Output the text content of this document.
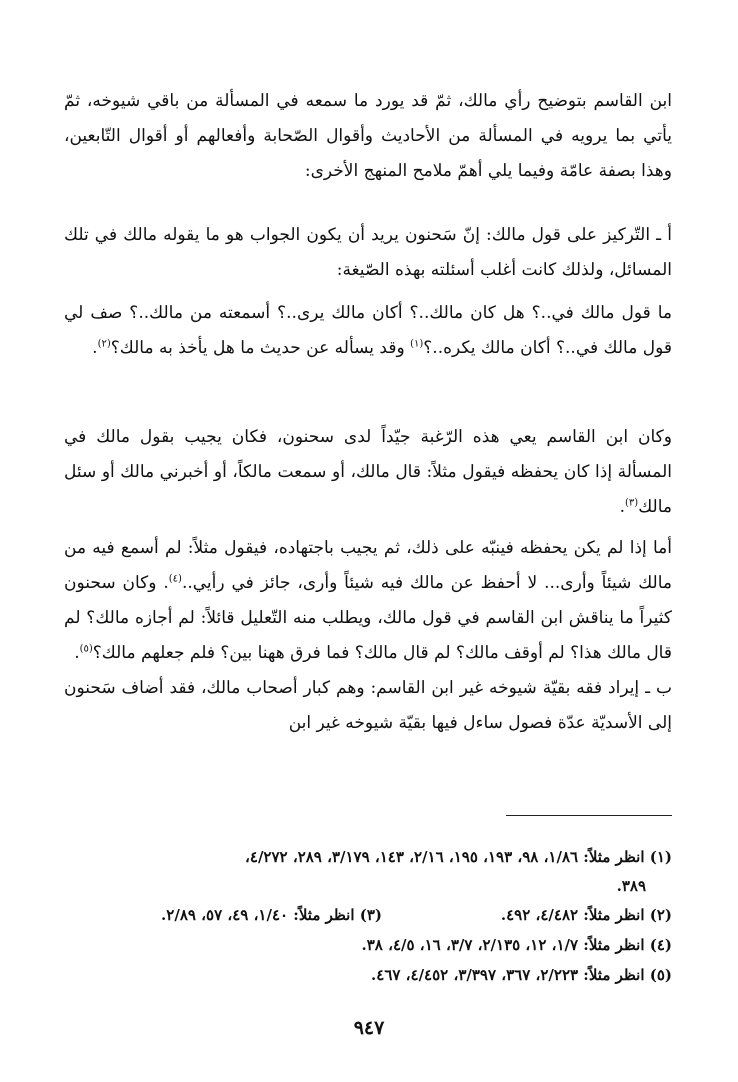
ابن القاسم بتوضيح رأي مالك، ثمّ قد يورد ما سمعه في المسألة من باقي شيوخه، ثمّ يأتي بما يرويه في المسألة من الأحاديث وأقوال الصّحابة وأفعالهم أو أقوال التّابعين، وهذا بصفة عامّة وفيما يلي أهمّ ملامح المنهج الأخرى:

أ ـ التّركيز على قول مالك: إنّ سَحنون يريد أن يكون الجواب هو ما يقوله مالك في تلك المسائل، ولذلك كانت أغلب أسئلته بهذه الصّيغة:

ما قول مالك في..؟ هل كان مالك..؟ أكان مالك يرى..؟ أسمعته من مالك..؟ صف لي قول مالك في..؟ أكان مالك يكره..؟$^{(١)}$ وقد يسأله عن حديث ما هل يأخذ به مالك؟$^{(٢)}$.

وكان ابن القاسم يعي هذه الرّغبة جيّداً لدى سحنون، فكان يجيب بقول مالك في المسألة إذا كان يحفظه فيقول مثلاً: قال مالك، أو سمعت مالكاً، أو أخبرني مالك أو سئل مالك$^{(٣)}$.

أما إذا لم يكن يحفظه فينبّه على ذلك، ثم يجيب باجتهاده، فيقول مثلاً: لم أسمع فيه من مالك شيئاً وأرى... لا أحفظ عن مالك فيه شيئاً وأرى، جائز في رأيي..$^{(٤)}$. وكان سحنون كثيراً ما يناقش ابن القاسم في قول مالك، ويطلب منه التّعليل قائلاً: لم أجازه مالك؟ لم قال مالك هذا؟ لم أوقف مالك؟ لم قال مالك؟ فما فرق ههنا بين؟ فلم جعلهم مالك؟$^{(٥)}$.

ب ـ إيراد فقه بقيّة شيوخه غير ابن القاسم: وهم كبار أصحاب مالك، فقد أضاف سَحنون إلى الأسديّة عدّة فصول ساءل فيها بقيّة شيوخه غير ابن

(١) انظر مثلاً: ١/٨٦، ٩٨، ١٩٣، ١٩٥، ٢/١٦، ١٤٣، ٣/١٧٩، ٢٨٩، ٤/٢٧٢،

٣٨٩.

(٢) انظر مثلاً: ٤/٤٨٢، ٤٩٢.

(٣) انظر مثلاً: ١/٤٠، ٤٩، ٥٧، ٢/٨٩.

(٤) انظر مثلاً: ١/٧، ١٢، ٢/١٣٥، ٣/٧، ١٦، ٤/٥، ٣٨.

(٥) انظر مثلاً: ٢/٢٢٣، ٣٦٧، ٣/٣٩٧، ٤/٤٥٢، ٤٦٧.

٩٤٧
